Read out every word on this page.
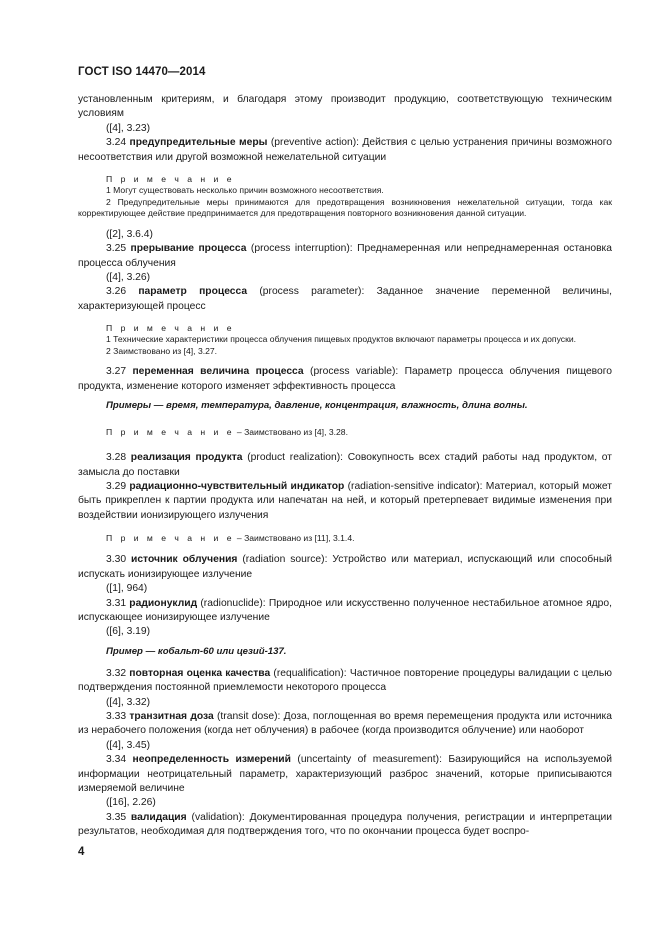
ГОСТ ISO 14470—2014

установленным критериям, и благодаря этому производит продукцию, соответствующую техническим условиям

([4], 3.23)

3.24 предупредительные меры (preventive action): Действия с целью устранения причины возможного несоответствия или другой возможной нежелательной ситуации

П р и м е ч а н и е

1 Могут существовать несколько причин возможного несоответствия.

2 Предупредительные меры принимаются для предотвращения возникновения нежелательной ситуации, тогда как корректирующее действие предпринимается для предотвращения повторного возникновения данной ситуации.

([2], 3.6.4)

3.25 прерывание процесса (process interruption): Преднамеренная или непреднамеренная остановка процесса облучения

([4], 3.26)

3.26 параметр процесса (process parameter): Заданное значение переменной величины, характеризующей процесс

П р и м е ч а н и е

1 Технические характеристики процесса облучения пищевых продуктов включают параметры процесса и их допуски.

2 Заимствовано из [4], 3.27.

3.27 переменная величина процесса (process variable): Параметр процесса облучения пищевого продукта, изменение которого изменяет эффективность процесса

Примеры — время, температура, давление, концентрация, влажность, длина волны.

П р и м е ч а н и е – Заимствовано из [4], 3.28.

3.28 реализация продукта (product realization): Совокупность всех стадий работы над продуктом, от замысла до поставки

3.29 радиационно-чувствительный индикатор (radiation-sensitive indicator): Материал, который может быть прикреплен к партии продукта или напечатан на ней, и который претерпевает видимые изменения при воздействии ионизирующего излучения

П р и м е ч а н и е – Заимствовано из [11], 3.1.4.

3.30 источник облучения (radiation source): Устройство или материал, испускающий или способный испускать ионизирующее излучение

([1], 964)

3.31 радионуклид (radionuclide): Природное или искусственно полученное нестабильное атомное ядро, испускающее ионизирующее излучение

([6], 3.19)

Пример — кобальт-60 или цезий-137.

3.32 повторная оценка качества (requalification): Частичное повторение процедуры валидации с целью подтверждения постоянной приемлемости некоторого процесса

([4], 3.32)

3.33 транзитная доза (transit dose): Доза, поглощенная во время перемещения продукта или источника из нерабочего положения (когда нет облучения) в рабочее (когда производится облучение) или наоборот

([4], 3.45)

3.34 неопределенность измерений (uncertainty of measurement): Базирующийся на используемой информации неотрицательный параметр, характеризующий разброс значений, которые приписываются измеряемой величине

([16], 2.26)

3.35 валидация (validation): Документированная процедура получения, регистрации и интерпретации результатов, необходимая для подтверждения того, что по окончании процесса будет воспро-

4
